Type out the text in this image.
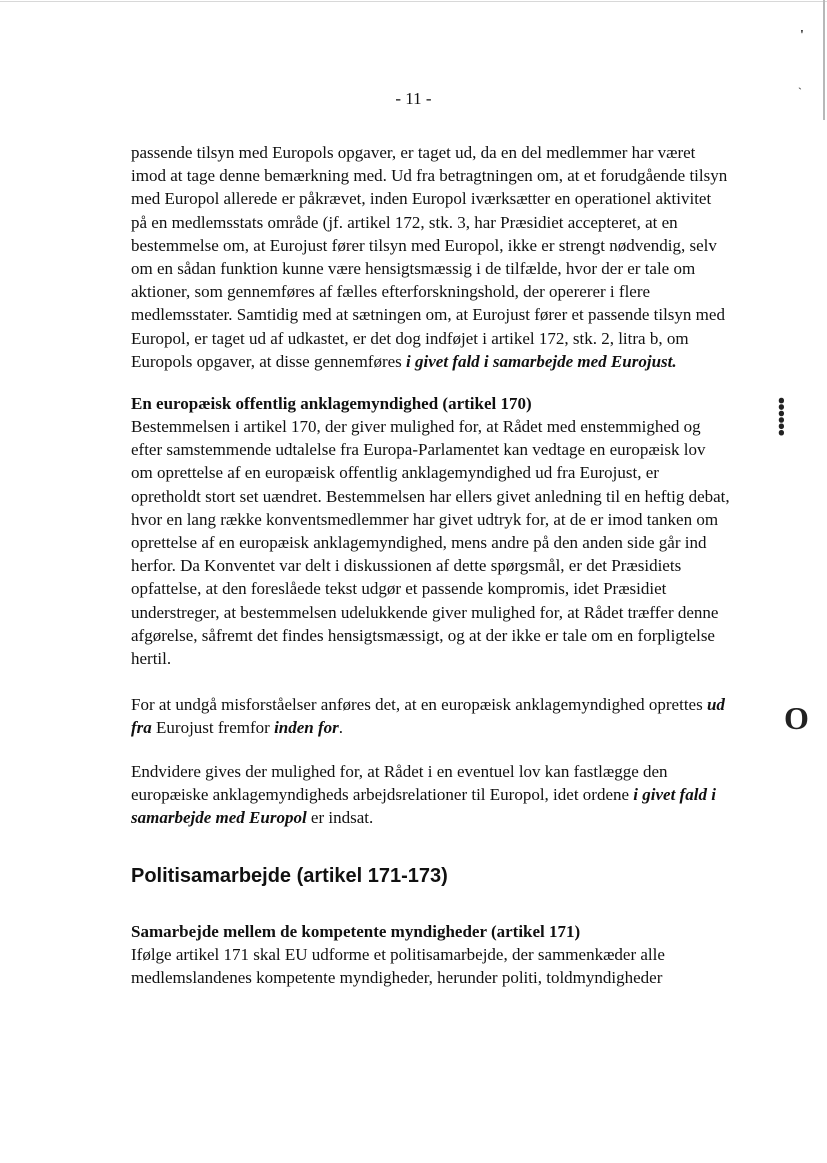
'
ˎ
⸽
O
- 11 -

passende tilsyn med Europols opgaver, er taget ud, da en del medlemmer har været imod at tage denne bemærkning med. Ud fra betragtningen om, at et forudgående tilsyn med Europol allerede er påkrævet, inden Europol iværksætter en operationel aktivitet på en medlemsstats område (jf. artikel 172, stk. 3, har Præsidiet accepteret, at en bestemmelse om, at Eurojust fører tilsyn med Europol, ikke er strengt nødvendig, selv om en sådan funktion kunne være hensigtsmæssig i de tilfælde, hvor der er tale om aktioner, som gennemføres af fælles efterforskningshold, der opererer i flere medlemsstater. Samtidig med at sætningen om, at Eurojust fører et passende tilsyn med Europol, er taget ud af udkastet, er det dog indføjet i artikel 172, stk. 2, litra b, om Europols opgaver, at disse gennemføres i givet fald i samarbejde med Eurojust.

En europæisk offentlig anklagemyndighed (artikel 170)

Bestemmelsen i artikel 170, der giver mulighed for, at Rådet med enstemmighed og efter samstemmende udtalelse fra Europa-Parlamentet kan vedtage en europæisk lov om oprettelse af en europæisk offentlig anklagemyndighed ud fra Eurojust, er opretholdt stort set uændret. Bestemmelsen har ellers givet anledning til en heftig debat, hvor en lang række konventsmedlemmer har givet udtryk for, at de er imod tanken om oprettelse af en europæisk anklagemyndighed, mens andre på den anden side går ind herfor. Da Konventet var delt i diskussionen af dette spørgsmål, er det Præsidiets opfattelse, at den foreslåede tekst udgør et passende kompromis, idet Præsidiet understreger, at bestemmelsen udelukkende giver mulighed for, at Rådet træffer denne afgørelse, såfremt det findes hensigtsmæssigt, og at der ikke er tale om en forpligtelse hertil.

For at undgå misforståelser anføres det, at en europæisk anklagemyndighed oprettes ud fra Eurojust fremfor inden for.

Endvidere gives der mulighed for, at Rådet i en eventuel lov kan fastlægge den europæiske anklagemyndigheds arbejdsrelationer til Europol, idet ordene i givet fald i samarbejde med Europol er indsat.

Politisamarbejde (artikel 171-173)

Samarbejde mellem de kompetente myndigheder (artikel 171)

Ifølge artikel 171 skal EU udforme et politisamarbejde, der sammenkæder alle medlemslandenes kompetente myndigheder, herunder politi, toldmyndigheder
